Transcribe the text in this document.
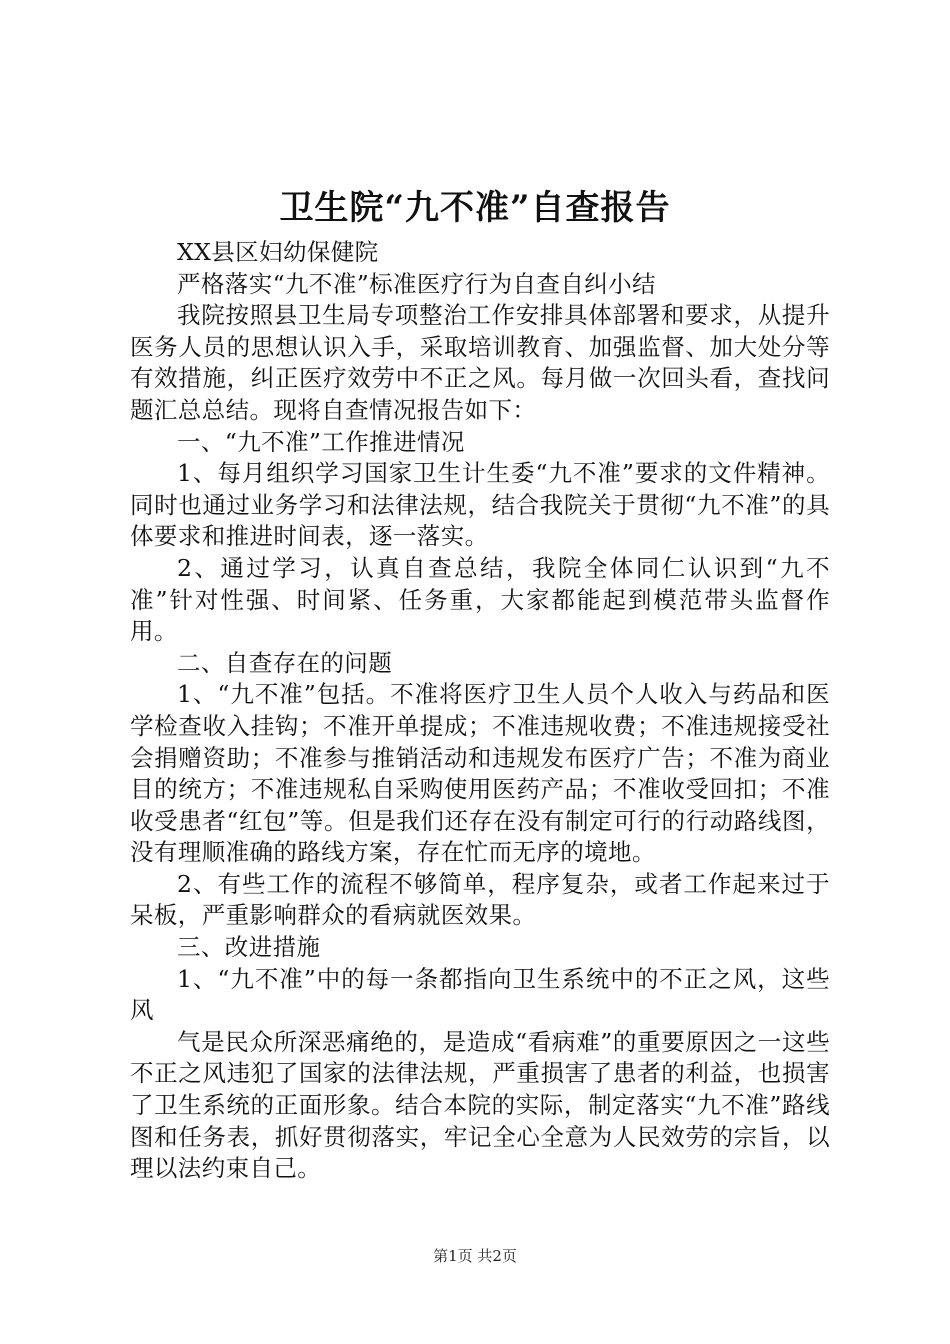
卫生院“九不准”自查报告

XX县区妇幼保健院

严格落实“九不准”标准医疗行为自查自纠小结

我院按照县卫生局专项整治工作安排具体部署和要求，从提升医务人员的思想认识入手，采取培训教育、加强监督、加大处分等有效措施，纠正医疗效劳中不正之风。每月做一次回头看，查找问题汇总总结。现将自查情况报告如下：

一、“九不准”工作推进情况

1、每月组织学习国家卫生计生委“九不准”要求的文件精神。同时也通过业务学习和法律法规，结合我院关于贯彻“九不准”的具体要求和推进时间表，逐一落实。

2、通过学习，认真自查总结，我院全体同仁认识到“九不准”针对性强、时间紧、任务重，大家都能起到模范带头监督作用。

二、自查存在的问题

1、“九不准”包括。不准将医疗卫生人员个人收入与药品和医学检查收入挂钩；不准开单提成；不准违规收费；不准违规接受社会捐赠资助；不准参与推销活动和违规发布医疗广告；不准为商业目的统方；不准违规私自采购使用医药产品；不准收受回扣；不准收受患者“红包”等。但是我们还存在没有制定可行的行动路线图，没有理顺准确的路线方案，存在忙而无序的境地。

2、有些工作的流程不够简单，程序复杂，或者工作起来过于呆板，严重影响群众的看病就医效果。

三、改进措施

1、“九不准”中的每一条都指向卫生系统中的不正之风，这些风

气是民众所深恶痛绝的，是造成“看病难”的重要原因之一这些不正之风违犯了国家的法律法规，严重损害了患者的利益，也损害了卫生系统的正面形象。结合本院的实际，制定落实“九不准”路线图和任务表，抓好贯彻落实，牢记全心全意为人民效劳的宗旨，以理以法约束自己。

第1页 共2页
